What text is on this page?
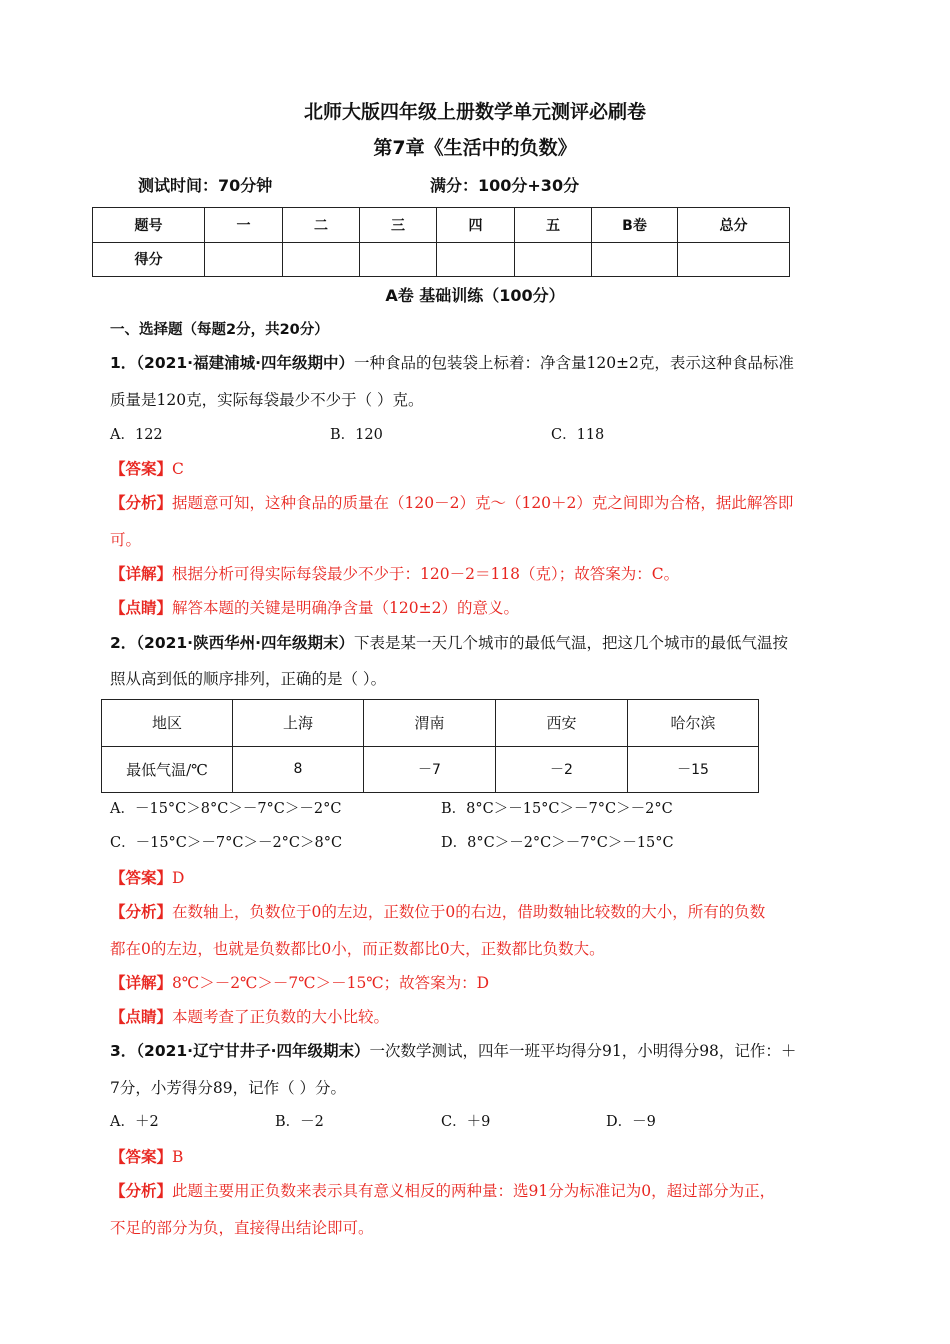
北师大版四年级上册数学单元测评必刷卷
第7章《生活中的负数》
测试时间：70分钟	满分：100分+30分
题号	一	二	三	四	五	B卷	总分
得分							
A卷 基础训练（100分）
一、选择题（每题2分，共20分）
1．（2021·福建浦城·四年级期中）一种食品的包装袋上标着：净含量120±2克，表示这种食品标准
质量是120克，实际每袋最少不少于（ ）克。
A．122	B．120	C．118
【答案】C
【分析】据题意可知，这种食品的质量在（120－2）克～（120＋2）克之间即为合格，据此解答即
可。
【详解】根据分析可得实际每袋最少不少于：120－2＝118（克）；故答案为：C。
【点睛】解答本题的关键是明确净含量（120±2）的意义。
2．（2021·陕西华州·四年级期末）下表是某一天几个城市的最低气温，把这几个城市的最低气温按
照从高到低的顺序排列，正确的是（ ）。
地区	上海	渭南	西安	哈尔滨
最低气温/℃	8	－7	－2	－15
A．－15°C＞8°C＞－7°C＞－2°C	B．8°C＞－15°C＞－7°C＞－2°C
C．－15°C＞－7°C＞－2°C＞8°C	D．8°C＞－2°C＞－7°C＞－15°C
【答案】D
【分析】在数轴上，负数位于0的左边，正数位于0的右边，借助数轴比较数的大小，所有的负数
都在0的左边，也就是负数都比0小，而正数都比0大，正数都比负数大。
【详解】8℃＞－2℃＞－7℃＞－15℃；故答案为：D
【点睛】本题考查了正负数的大小比较。
3．（2021·辽宁甘井子·四年级期末）一次数学测试，四年一班平均得分91，小明得分98，记作：＋
7分，小芳得分89，记作（ ）分。
A．＋2	B．－2	C．＋9	D．－9
【答案】B
【分析】此题主要用正负数来表示具有意义相反的两种量：选91分为标准记为0，超过部分为正，
不足的部分为负，直接得出结论即可。
